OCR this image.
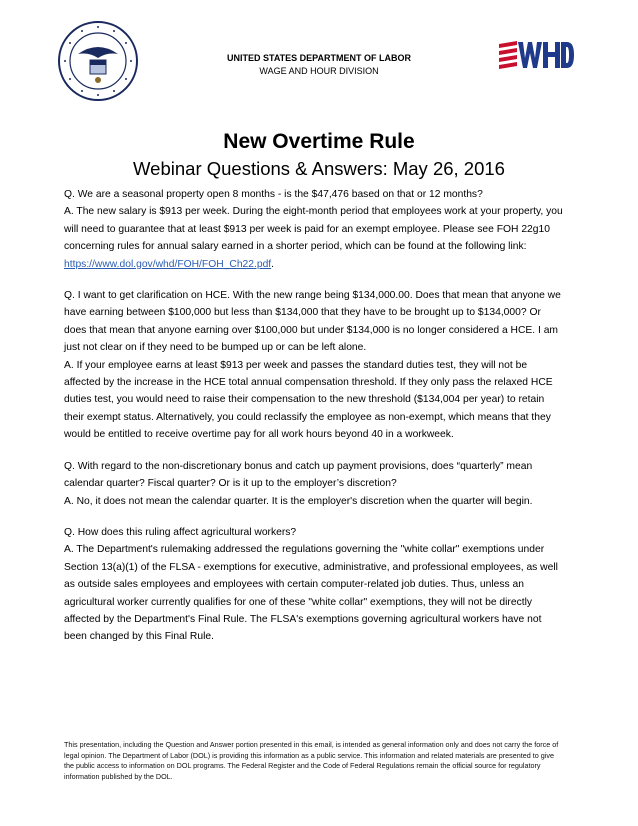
UNITED STATES DEPARTMENT OF LABOR
WAGE AND HOUR DIVISION
New Overtime Rule
Webinar Questions & Answers: May 26, 2016

Q. We are a seasonal property open 8 months - is the $47,476 based on that or 12 months?

A. The new salary is $913 per week. During the eight-month period that employees work at your property, you will need to guarantee that at least $913 per week is paid for an exempt employee. Please see FOH 22g10 concerning rules for annual salary earned in a shorter period, which can be found at the following link: https://www.dol.gov/whd/FOH/FOH_Ch22.pdf.

Q. I want to get clarification on HCE. With the new range being $134,000.00. Does that mean that anyone we have earning between $100,000 but less than $134,000 that they have to be brought up to $134,000? Or does that mean that anyone earning over $100,000 but under $134,000 is no longer considered a HCE. I am just not clear on if they need to be bumped up or can be left alone.

A. If your employee earns at least $913 per week and passes the standard duties test, they will not be affected by the increase in the HCE total annual compensation threshold. If they only pass the relaxed HCE duties test, you would need to raise their compensation to the new threshold ($134,004 per year) to retain their exempt status. Alternatively, you could reclassify the employee as non-exempt, which means that they would be entitled to receive overtime pay for all work hours beyond 40 in a workweek.

Q. With regard to the non-discretionary bonus and catch up payment provisions, does “quarterly” mean calendar quarter? Fiscal quarter? Or is it up to the employer’s discretion?

A. No, it does not mean the calendar quarter. It is the employer's discretion when the quarter will begin.

Q. How does this ruling affect agricultural workers?

A. The Department's rulemaking addressed the regulations governing the "white collar" exemptions under Section 13(a)(1) of the FLSA - exemptions for executive, administrative, and professional employees, as well as outside sales employees and employees with certain computer-related job duties. Thus, unless an agricultural worker currently qualifies for one of these "white collar" exemptions, they will not be directly affected by the Department's Final Rule. The FLSA's exemptions governing agricultural workers have not been changed by this Final Rule.

This presentation, including the Question and Answer portion presented in this email, is intended as general information only and does not carry the force of legal opinion. The Department of Labor (DOL) is providing this information as a public service. This information and related materials are presented to give the public access to information on DOL programs. The Federal Register and the Code of Federal Regulations remain the official source for regulatory information published by the DOL.
